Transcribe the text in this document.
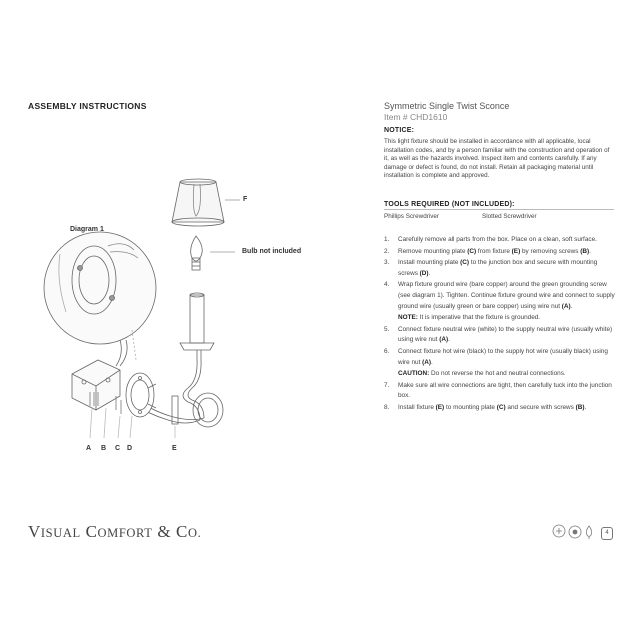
ASSEMBLY INSTRUCTIONS	Symmetric Single Twist Sconce
Item # CHD1610
NOTICE:
This light fixture should be installed in accordance with all applicable, local installation codes, and by a person familiar with the construction and operation of it, as well as the hazards involved. Inspect item and contents carefully. If any damage or defect is found, do not install. Retain all packaging material until installation is complete and approved.
TOOLS REQUIRED (NOT INCLUDED):
Phillips Screwdriver	Slotted Screwdriver
1. Carefully remove all parts from the box. Place on a clean, soft surface.
2. Remove mounting plate (C) from fixture (E) by removing screws (B).
3. Install mounting plate (C) to the junction box and secure with mounting screws (D).
4. Wrap fixture ground wire (bare copper) around the green grounding screw (see diagram 1). Tighten. Continue fixture ground wire and connect to supply ground wire (usually green or bare copper) using wire nut (A).
NOTE: It is imperative that the fixture is grounded.
5. Connect fixture neutral wire (white) to the supply neutral wire (usually white) using wire nut (A).
6. Connect fixture hot wire (black) to the supply hot wire (usually black) using wire nut (A).
CAUTION: Do not reverse the hot and neutral connections.
7. Make sure all wire connections are tight, then carefully tuck into the junction box.
8. Install fixture (E) to mounting plate (C) and secure with screws (B).
Diagram 1
F
Bulb not included
A B C D	E
VISUAL COMFORT & CO.	4
